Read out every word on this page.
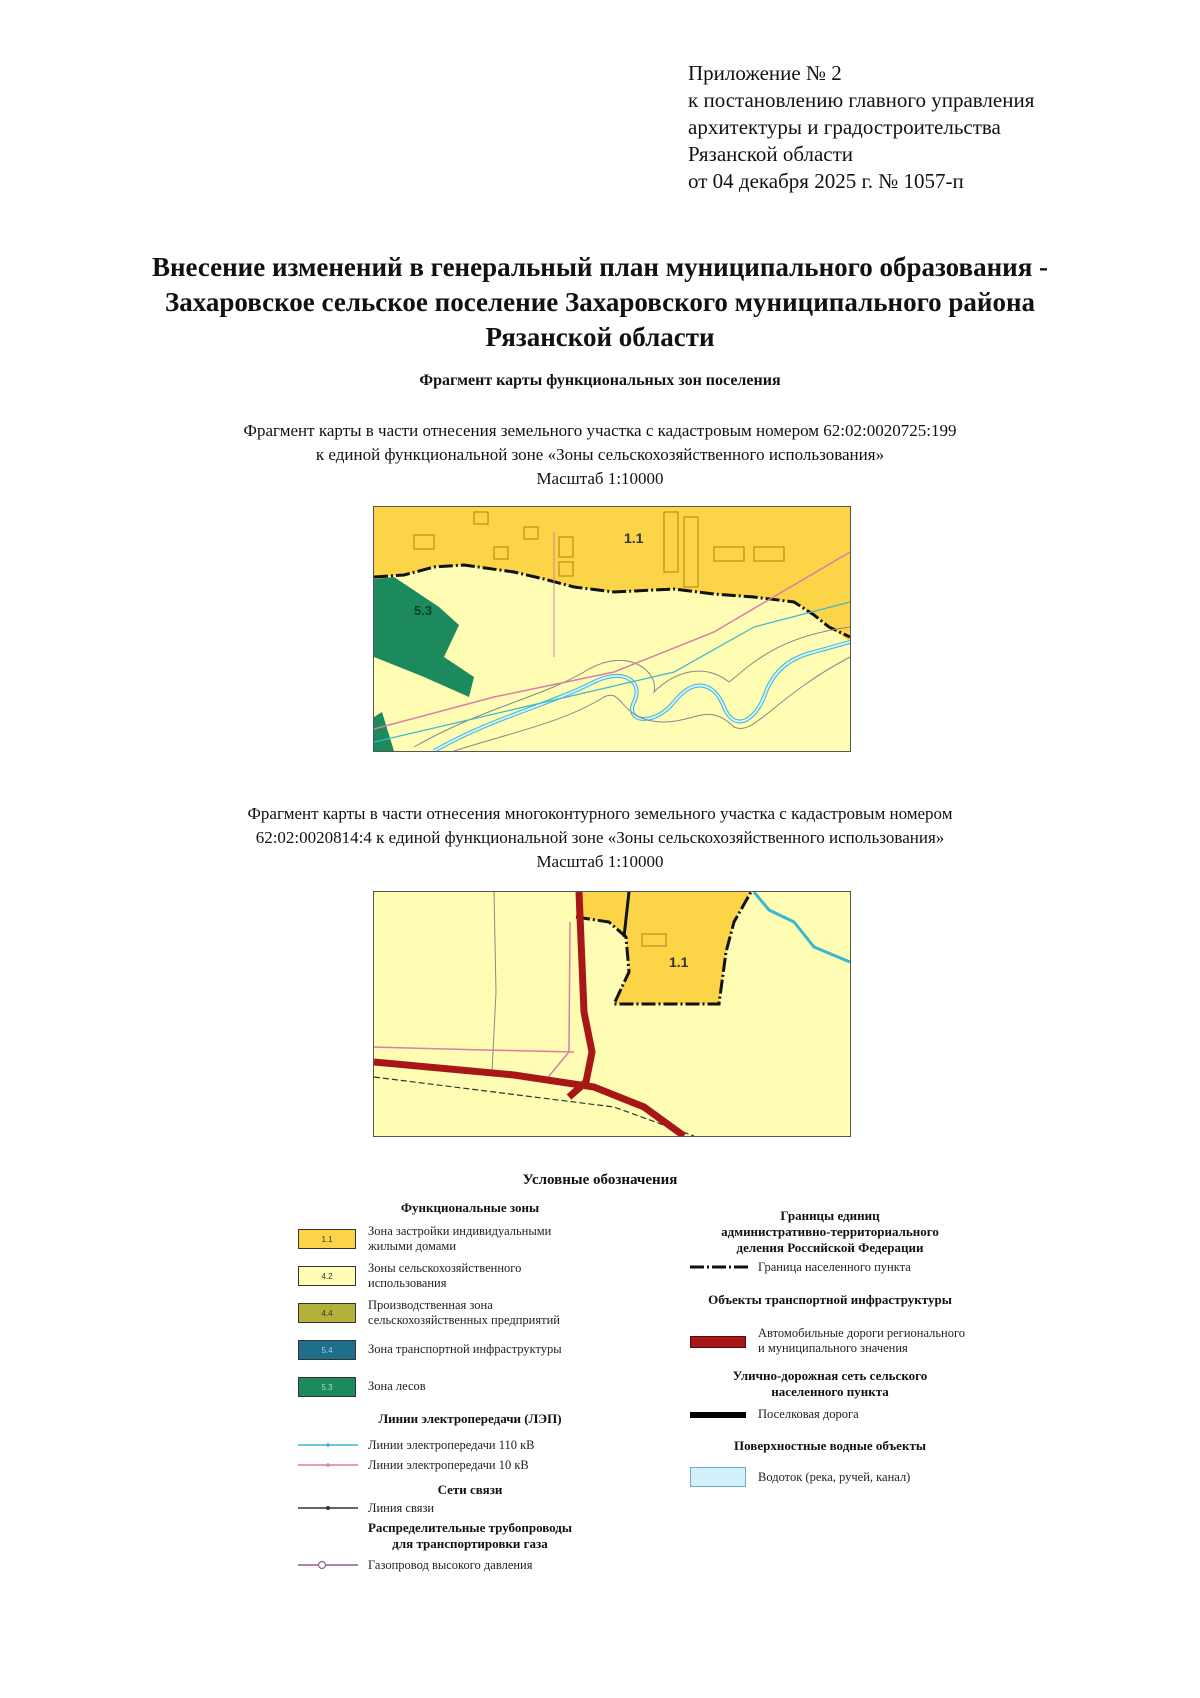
Приложение № 2
к постановлению главного управления
архитектуры и градостроительства
Рязанской области
от 04 декабря 2025 г. № 1057-п
Внесение изменений в генеральный план муниципального образования -
Захаровское сельское поселение Захаровского муниципального района
Рязанской области
Фрагмент карты функциональных зон поселения
Фрагмент карты в части отнесения земельного участка с кадастровым номером 62:02:0020725:199
к единой функциональной зоне «Зоны сельскохозяйственного использования»
Масштаб 1:10000
1.1
5.3
Фрагмент карты в части отнесения многоконтурного земельного участка с кадастровым номером
62:02:0020814:4 к единой функциональной зоне «Зоны сельскохозяйственного использования»
Масштаб 1:10000
1.1
Условные обозначения
Функциональные зоны
1.1
Зона застройки индивидуальными
жилыми домами
4.2
Зоны сельскохозяйственного
использования
4.4
Производственная зона
сельскохозяйственных предприятий
5.4	Зона транспортной инфраструктуры
5.3	Зона лесов
Линии электропередачи (ЛЭП)
Линии электропередачи 110 кВ
Линии электропередачи 10 кВ
Сети связи
Линия связи
Распределительные трубопроводы
для транспортировки газа
Газопровод высокого давления
Границы единиц
административно-территориального
деления Российской Федерации
Граница населенного пункта
Объекты транспортной инфраструктуры
Автомобильные дороги регионального
и муниципального значения
Улично-дорожная сеть сельского
населенного пункта
Поселковая дорога
Поверхностные водные объекты
Водоток (река, ручей, канал)
